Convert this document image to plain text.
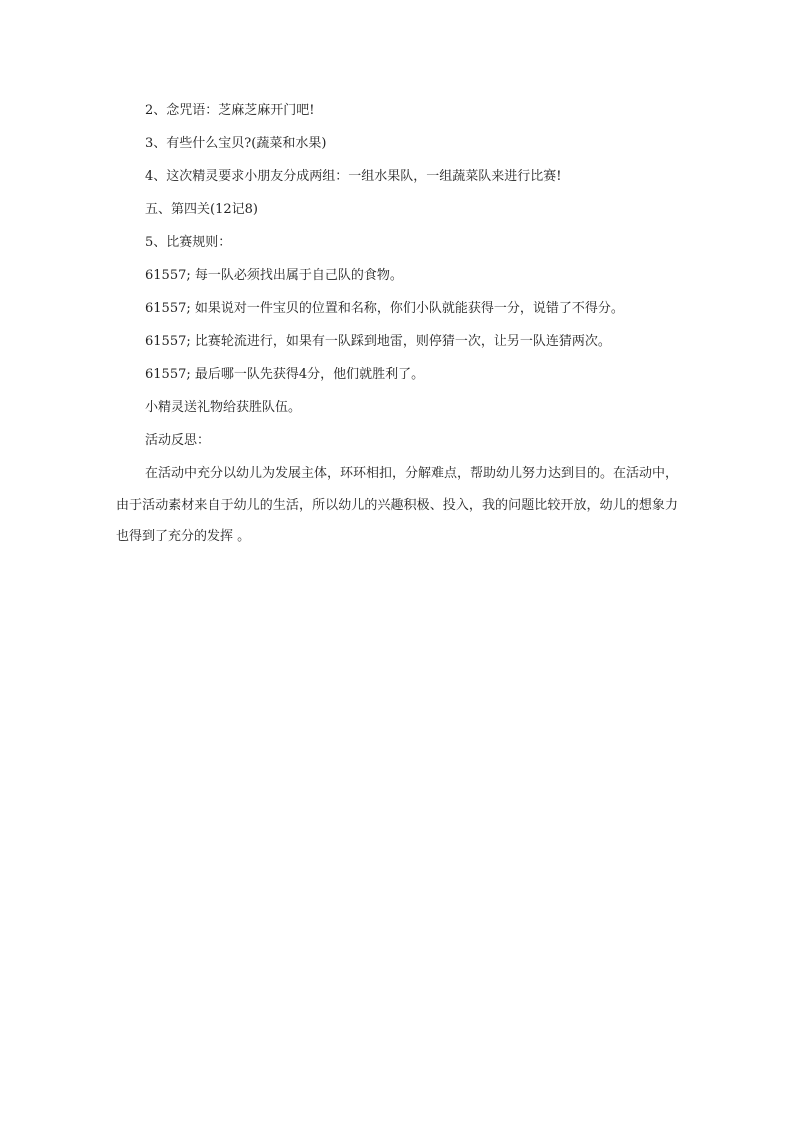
2、念咒语：芝麻芝麻开门吧!

3、有些什么宝贝?(蔬菜和水果)

4、这次精灵要求小朋友分成两组：一组水果队，一组蔬菜队来进行比赛!

五、第四关(12记8)

5、比赛规则：

61557; 每一队必须找出属于自己队的食物。

61557; 如果说对一件宝贝的位置和名称，你们小队就能获得一分，说错了不得分。

61557; 比赛轮流进行，如果有一队踩到地雷，则停猜一次，让另一队连猜两次。

61557; 最后哪一队先获得4分，他们就胜利了。

小精灵送礼物给获胜队伍。

活动反思：

在活动中充分以幼儿为发展主体，环环相扣，分解难点，帮助幼儿努力达到目的。在活动中，由于活动素材来自于幼儿的生活，所以幼儿的兴趣积极、投入，我的问题比较开放，幼儿的想象力也得到了充分的发挥 。
